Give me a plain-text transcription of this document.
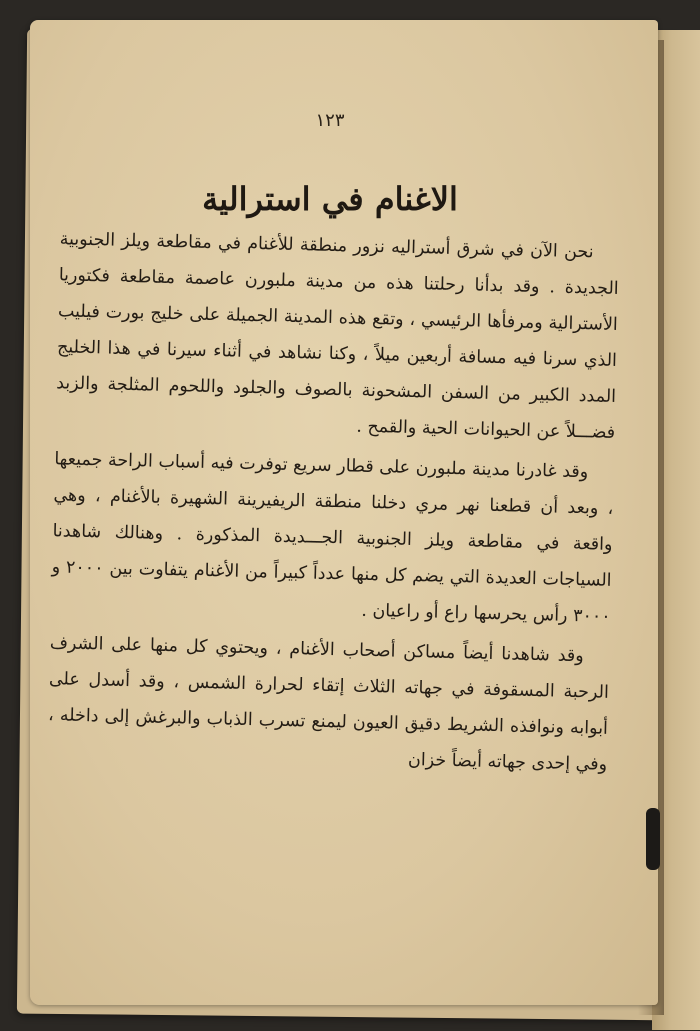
١٢٣
الاغنام في استرالية

نحن الآن في شرق أستراليه نزور منطقة للأغنام في مقاطعة ويلز الجنوبية الجديدة . وقد بدأنا رحلتنا هذه من مدينة ملبورن عاصمة مقاطعة فكتوريا الأسترالية ومرفأها الرئيسي ، وتقع هذه المدينة الجميلة على خليج بورت فيليب الذي سرنا فيه مسافة أربعين ميلاً ، وكنا نشاهد في أثناء سيرنا في هذا الخليج المدد الكبير من السفن المشحونة بالصوف والجلود واللحوم المثلجة والزبد فضـــلاً عن الحيوانات الحية والقمح .

وقد غادرنا مدينة ملبورن على قطار سريع توفرت فيه أسباب الراحة جميعها ، وبعد أن قطعنا نهر مري دخلنا منطقة الريفيرينة الشهيرة بالأغنام ، وهي واقعة في مقاطعة ويلز الجنوبية الجـــديدة المذكورة . وهنالك شاهدنا السياجات العديدة التي يضم كل منها عدداً كبيراً من الأغنام يتفاوت بين ٢٠٠٠ و ٣٠٠٠ رأس يحرسها راع أو راعيان .

وقد شاهدنا أيضاً مساكن أصحاب الأغنام ، ويحتوي كل منها على الشرف الرحبة المسقوفة في جهاته الثلاث إتقاء لحرارة الشمس ، وقد أسدل على أبوابه ونوافذه الشريط دقيق العيون ليمنع تسرب الذباب والبرغش إلى داخله ، وفي إحدى جهاته أيضاً خزان
